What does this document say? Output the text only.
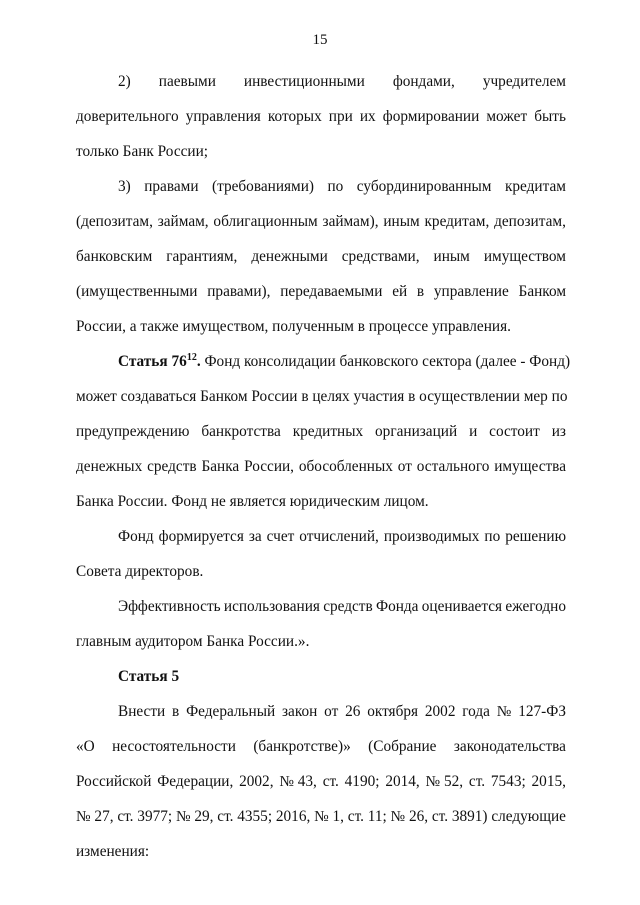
15
2) паевыми инвестиционными фондами, учредителем
доверительного управления которых при их формировании может быть
только Банк России;
3) правами (требованиями) по субординированным кредитам
(депозитам, займам, облигационным займам), иным кредитам, депозитам,
банковским гарантиям, денежными средствами, иным имуществом
(имущественными правами), передаваемыми ей в управление Банком
России, а также имуществом, полученным в процессе управления.
Статья $76^{12}$. Фонд консолидации банковского сектора (далее - Фонд)
может создаваться Банком России в целях участия в осуществлении мер по
предупреждению банкротства кредитных организаций и состоит из
денежных средств Банка России, обособленных от остального имущества
Банка России. Фонд не является юридическим лицом.
Фонд формируется за счет отчислений, производимых по решению
Совета директоров.
Эффективность использования средств Фонда оценивается ежегодно
главным аудитором Банка России.».
Статья 5
Внести в Федеральный закон от 26 октября 2002 года № 127-ФЗ
«О несостоятельности (банкротстве)» (Собрание законодательства
Российской Федерации, 2002, № 43, ст. 4190; 2014, № 52, ст. 7543; 2015,
№ 27, ст. 3977; № 29, ст. 4355; 2016, № 1, ст. 11; № 26, ст. 3891) следующие
изменения:
